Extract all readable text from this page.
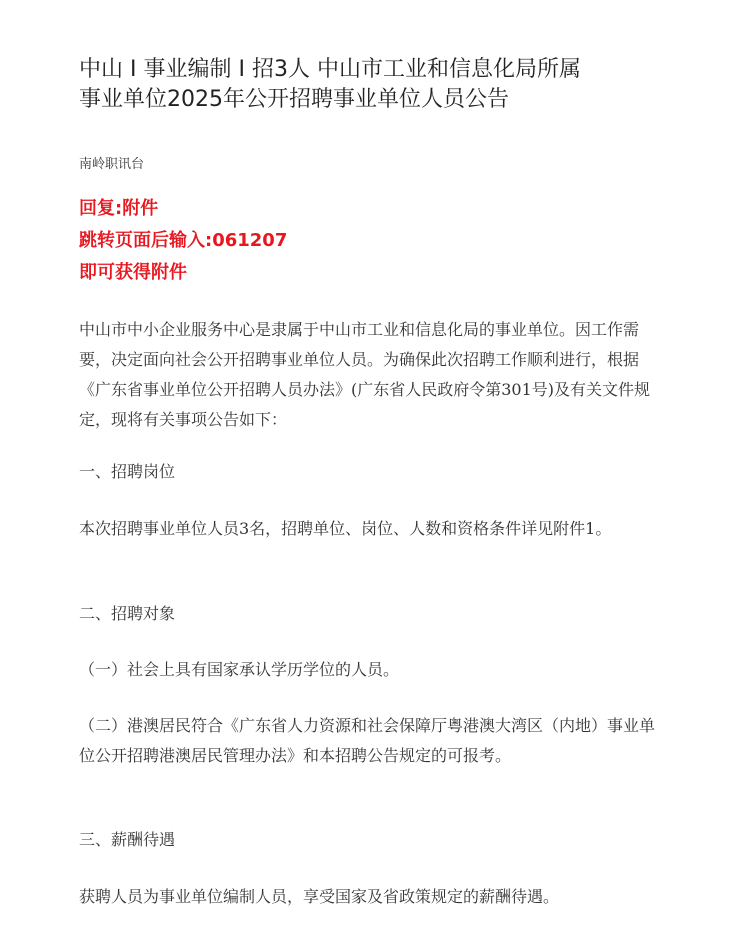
中山 I 事业编制 I 招3人 中山市工业和信息化局所属事业单位2025年公开招聘事业单位人员公告
南岭职讯台

回复:附件

跳转页面后输入:061207

即可获得附件

中山市中小企业服务中心是隶属于中山市工业和信息化局的事业单位。因工作需要，决定面向社会公开招聘事业单位人员。为确保此次招聘工作顺利进行，根据《广东省事业单位公开招聘人员办法》(广东省人民政府令第301号)及有关文件规定，现将有关事项公告如下：

一、招聘岗位

本次招聘事业单位人员3名，招聘单位、岗位、人数和资格条件详见附件1。

二、招聘对象

（一）社会上具有国家承认学历学位的人员。

（二）港澳居民符合《广东省人力资源和社会保障厅粤港澳大湾区（内地）事业单位公开招聘港澳居民管理办法》和本招聘公告规定的可报考。

三、薪酬待遇

获聘人员为事业单位编制人员，享受国家及省政策规定的薪酬待遇。
